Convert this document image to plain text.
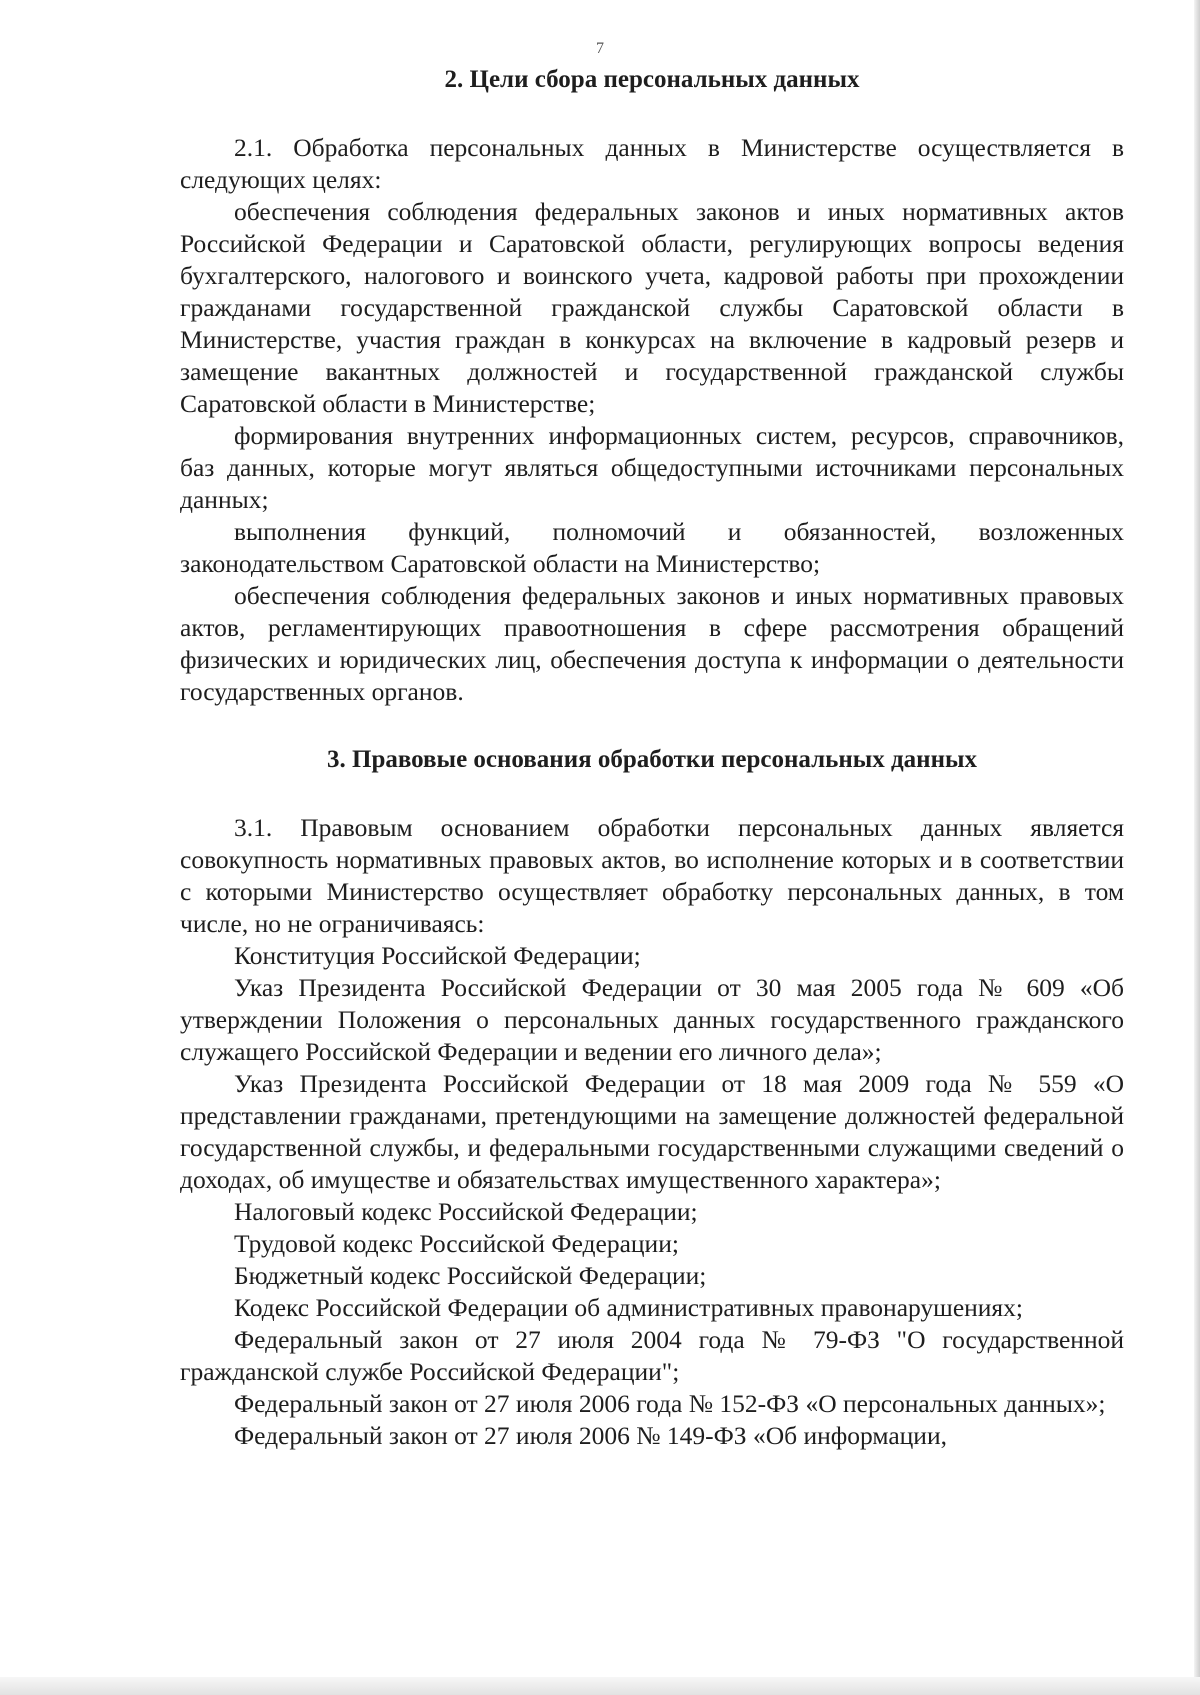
7
2. Цели сбора персональных данных

2.1. Обработка персональных данных в Министерстве осуществляется в следующих целях:

обеспечения соблюдения федеральных законов и иных нормативных актов Российской Федерации и Саратовской области, регулирующих вопросы ведения бухгалтерского, налогового и воинского учета, кадровой работы при прохождении гражданами государственной гражданской службы Саратовской области в Министерстве, участия граждан в конкурсах на включение в кадровый резерв и замещение вакантных должностей и государственной гражданской службы Саратовской области в Министерстве;

формирования внутренних информационных систем, ресурсов, справочников, баз данных, которые могут являться общедоступными источниками персональных данных;

выполнения функций, полномочий и обязанностей, возложенных законодательством Саратовской области на Министерство;

обеспечения соблюдения федеральных законов и иных нормативных правовых актов, регламентирующих правоотношения в сфере рассмотрения обращений физических и юридических лиц, обеспечения доступа к информации о деятельности государственных органов.

3. Правовые основания обработки персональных данных

3.1. Правовым основанием обработки персональных данных является совокупность нормативных правовых актов, во исполнение которых и в соответствии с которыми Министерство осуществляет обработку персональных данных, в том числе, но не ограничиваясь:

Конституция Российской Федерации;

Указ Президента Российской Федерации от 30 мая 2005 года № 609 «Об утверждении Положения о персональных данных государственного гражданского служащего Российской Федерации и ведении его личного дела»;

Указ Президента Российской Федерации от 18 мая 2009 года № 559 «О представлении гражданами, претендующими на замещение должностей федеральной государственной службы, и федеральными государственными служащими сведений о доходах, об имуществе и обязательствах имущественного характера»;

Налоговый кодекс Российской Федерации;

Трудовой кодекс Российской Федерации;

Бюджетный кодекс Российской Федерации;

Кодекс Российской Федерации об административных правонарушениях;

Федеральный закон от 27 июля 2004 года № 79-ФЗ "О государственной гражданской службе Российской Федерации";

Федеральный закон от 27 июля 2006 года № 152-ФЗ «О персональных данных»;

Федеральный закон от 27 июля 2006 № 149-ФЗ «Об информации,
